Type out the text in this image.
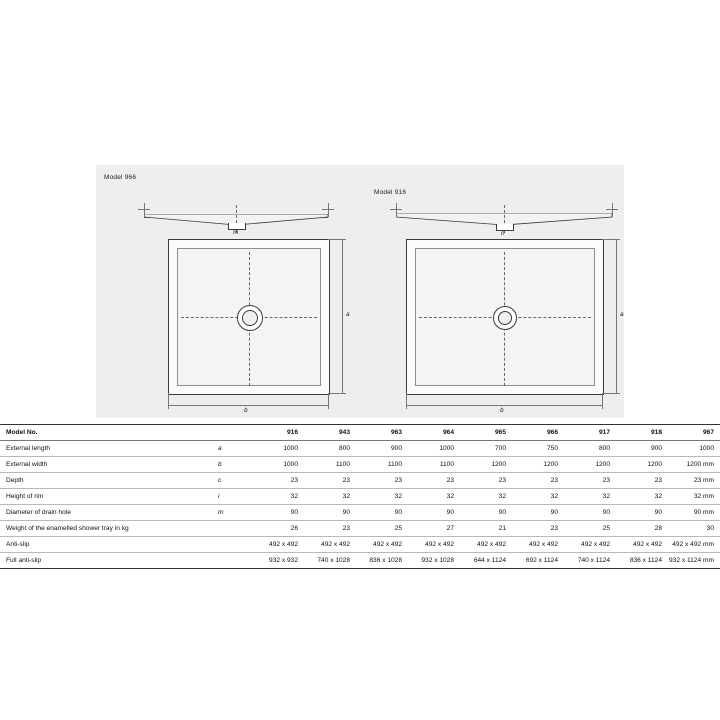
Model 966
m
a
b
Model 916
n
a
b
Model No.		916	943	963	964	965	966	917	918	967
External length	a	1000	800	900	1000	700	750	800	900	1000
External width	b	1000	1100	1100	1100	1200	1200	1200	1200	1200 mm
Depth	c	23	23	23	23	23	23	23	23	23 mm
Height of rim	i	32	32	32	32	32	32	32	32	32 mm
Diameter of drain hole	m	90	90	90	90	90	90	90	90	90 mm
Weight of the enamelled shower tray in kg		26	23	25	27	21	23	25	28	30
Anti-slip		492 x 492	492 x 492	492 x 492	492 x 492	492 x 492	492 x 492	492 x 492	492 x 492	492 x 492 mm
Full anti-slip		932 x 932	740 x 1028	836 x 1028	932 x 1028	644 x 1124	692 x 1124	740 x 1124	836 x 1124	932 x 1124 mm
